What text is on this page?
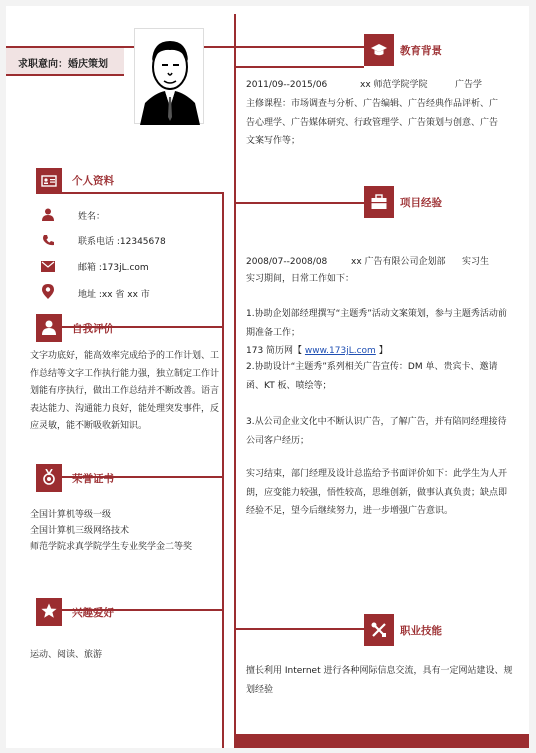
求职意向：婚庆策划
个人资料
姓名：
联系电话 :12345678
邮箱 :173jL.com
地址 :xx 省 xx 市
自我评价
文字功底好，能高效率完成给予的工作计划、工作总结等文字工作执行能力强，独立制定工作计划能有序执行，做出工作总结并不断改善。语言表达能力、沟通能力良好，能处理突发事件，反应灵敏，能不断吸收新知识。
荣誉证书
全国计算机等级一级
全国计算机三级网络技术
师范学院求真学院学生专业奖学金二等奖
兴趣爱好
运动、阅读、旅游
教育背景
2011/09--2015/06	xx 师范学院学院	广告学
主修课程：市场调查与分析、广告编辑、广告经典作品评析、广告心理学、广告媒体研究、行政管理学、广告策划与创意、广告文案写作等；
项目经验
2008/07--2008/08	xx 广告有限公司企划部 实习生
实习期间，日常工作如下：
1.协助企划部经理撰写“主题秀”活动文案策划，参与主题秀活动前期准备工作；
173 简历网【 www.173jL.com 】
2.协助设计“主题秀”系列相关广告宣传：DM 单、贵宾卡、邀请函、KT 板、喷绘等；
3.从公司企业文化中不断认识广告，了解广告，并有陪同经理接待公司客户经历；
实习结束，部门经理及设计总监给予书面评价如下：此学生为人开朗，应变能力较强，悟性较高，思维创新，做事认真负责；缺点即经验不足，望今后继续努力，进一步增强广告意识。
职业技能
擅长利用 Internet 进行各种网际信息交流，具有一定网站建设、规划经验
